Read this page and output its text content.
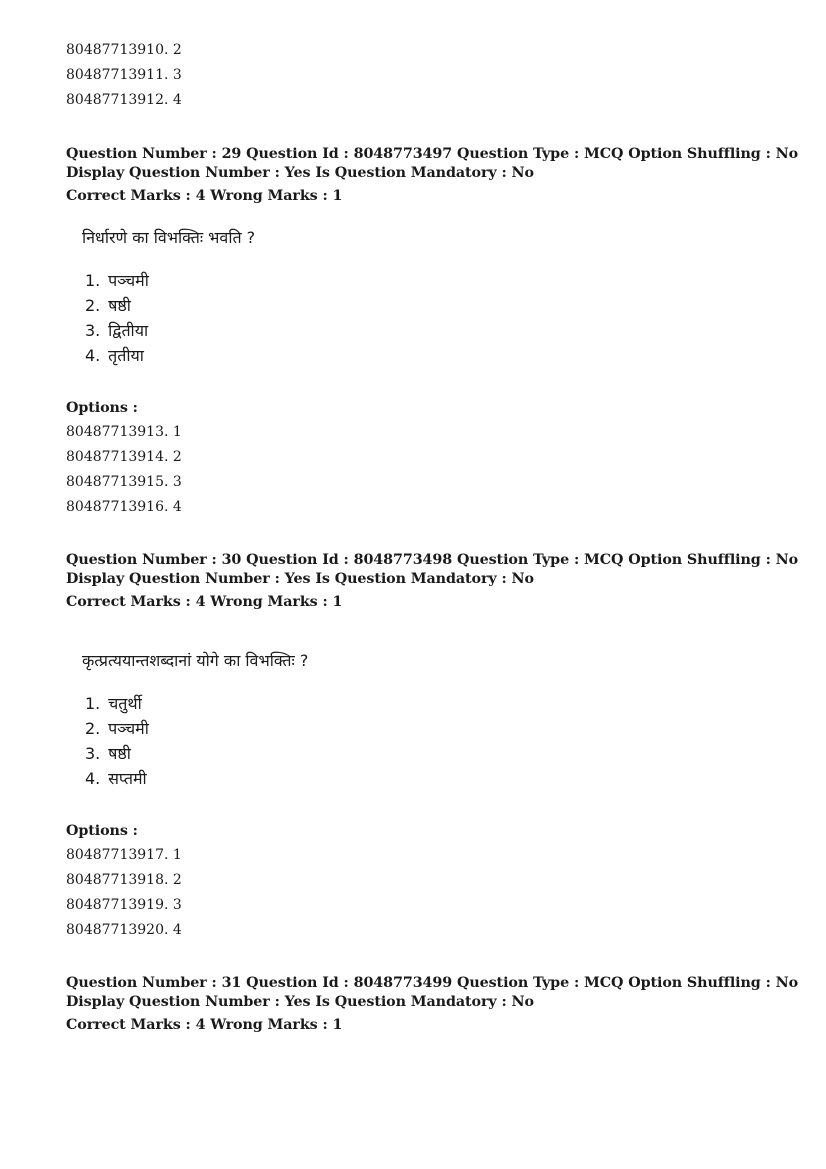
80487713910. 2
80487713911. 3
80487713912. 4
Question Number : 29 Question Id : 8048773497 Question Type : MCQ Option Shuffling : No
Display Question Number : Yes Is Question Mandatory : No
Correct Marks : 4 Wrong Marks : 1
निर्धारणे का विभक्तिः भवति ?
1. पञ्चमी
2. षष्ठी
3. द्वितीया
4. तृतीया
Options :
80487713913. 1
80487713914. 2
80487713915. 3
80487713916. 4
Question Number : 30 Question Id : 8048773498 Question Type : MCQ Option Shuffling : No
Display Question Number : Yes Is Question Mandatory : No
Correct Marks : 4 Wrong Marks : 1
कृत्प्रत्ययान्तशब्दानां योगे का विभक्तिः ?
1. चतुर्थी
2. पञ्चमी
3. षष्ठी
4. सप्तमी
Options :
80487713917. 1
80487713918. 2
80487713919. 3
80487713920. 4
Question Number : 31 Question Id : 8048773499 Question Type : MCQ Option Shuffling : No
Display Question Number : Yes Is Question Mandatory : No
Correct Marks : 4 Wrong Marks : 1
